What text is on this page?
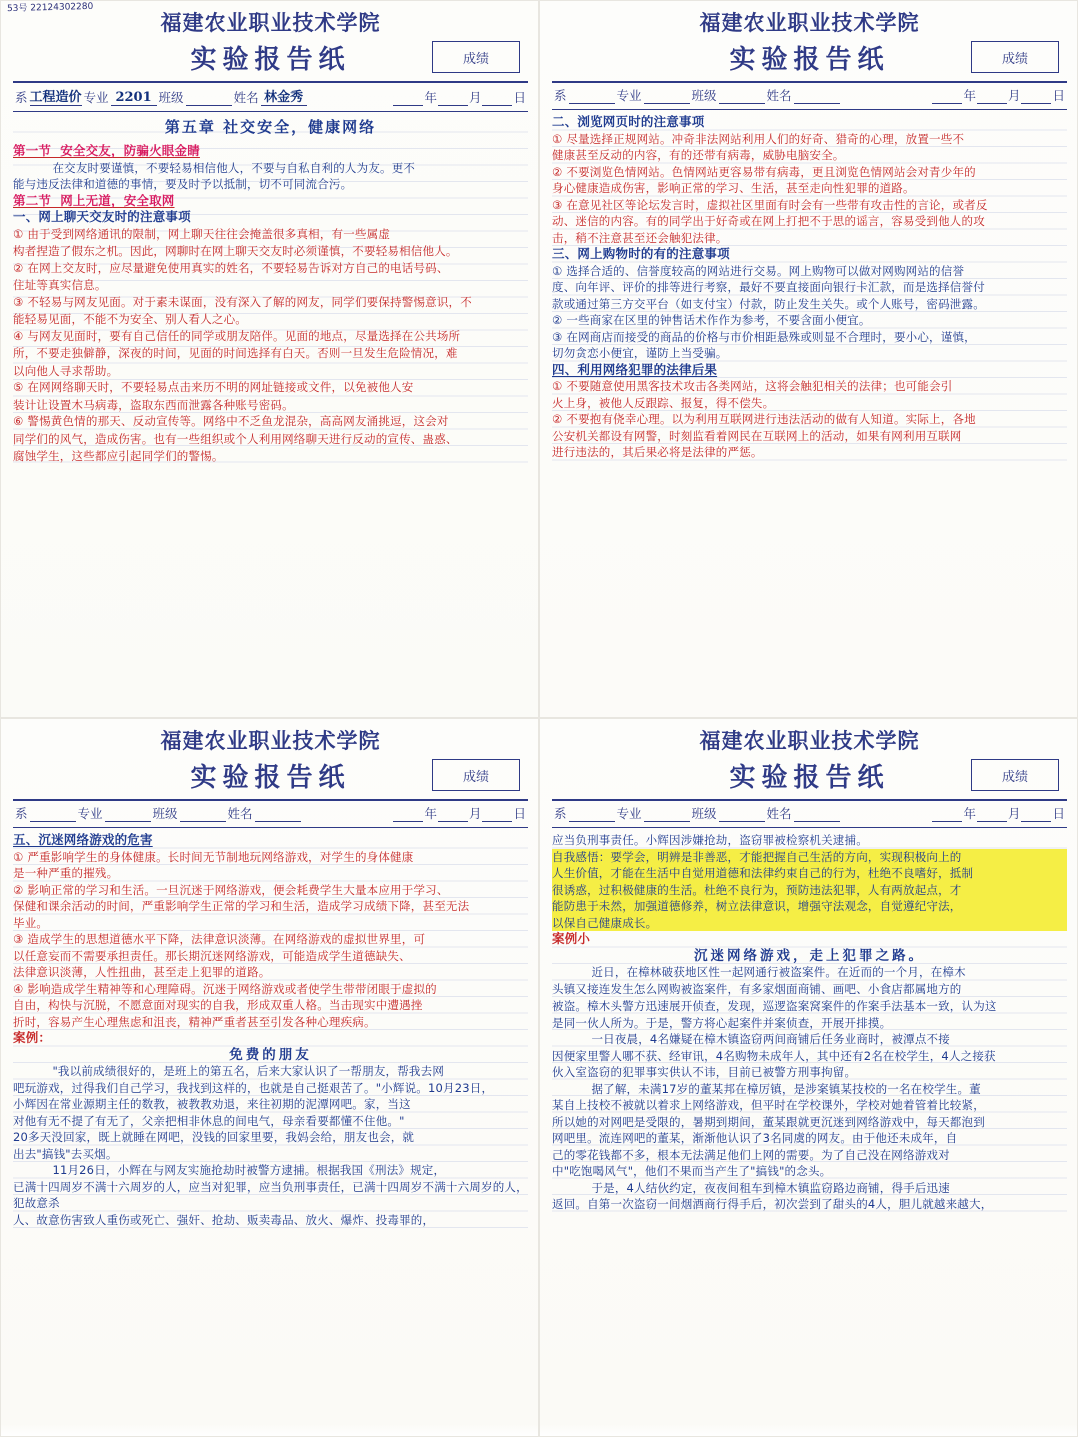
53号 22124302280
福建农业职业技术学院
实验报告纸	成绩
系 工程造价 专业 2201 班级	姓名 林金秀	年	月	日
第五章 社交安全，健康网络
第一节  安全交友，防骗火眼金睛
在交友时要谨慎，不要轻易相信他人，不要与自私自利的人为友。更不
能与违反法律和道德的事情，要及时予以抵制，切不可同流合污。
第二节  网上无道，安全取网
一、网上聊天交友时的注意事项
① 由于受到网络通讯的限制，网上聊天往往会掩盖很多真相，有一些属虚
构者捏造了假东之机。因此，网聊时在网上聊天交友时必须谨慎，不要轻易相信他人。
② 在网上交友时，应尽量避免使用真实的姓名，不要轻易告诉对方自己的电话号码、
住址等真实信息。
③ 不轻易与网友见面。对于素未谋面，没有深入了解的网友，同学们要保持警惕意识，不
能轻易见面，不能不为安全、别人看人之心。
④ 与网友见面时，要有自己信任的同学或朋友陪伴。见面的地点，尽量选择在公共场所
所，不要走独僻静，深夜的时间，见面的时间选择有白天。否则一旦发生危险情况，难
以向他人寻求帮助。
⑤ 在网网络聊天时，不要轻易点击来历不明的网址链接或文件，以免被他人安
装计让设置木马病毒，盗取东西而泄露各种账号密码。
⑥ 警惕黄色情的那天、反动宣传等。网络中不乏鱼龙混杂，高高网友涌挑逗，这会对
同学们的风气，造成伤害。也有一些组织或个人利用网络聊天进行反动的宣传、蛊惑、
腐蚀学生，这些都应引起同学们的警惕。
福建农业职业技术学院
实验报告纸	成绩
系	专业	班级	姓名	年	月	日
二、浏览网页时的注意事项
① 尽量选择正规网站。冲奇非法网站利用人们的好奇、猎奇的心理，放置一些不
健康甚至反动的内容，有的还带有病毒，威胁电脑安全。
② 不要浏览色情网站。色情网站更容易带有病毒，更且浏览色情网站会对青少年的
身心健康造成伤害，影响正常的学习、生活，甚至走向性犯罪的道路。
③ 在意见社区等论坛发言时，虚拟社区里面有时会有一些带有攻击性的言论，或者反
动、迷信的内容。有的同学出于好奇或在网上打把不于思的谣言，容易受到他人的攻
击，稍不注意甚至还会触犯法律。
三、网上购物时的有的注意事项
① 选择合适的、信誉度较高的网站进行交易。网上购物可以做对网购网站的信誉
度、向年评、评价的排等进行考察，最好不要直接面向银行卡汇款，而是选择信誉付
款或通过第三方交平台（如支付宝）付款，防止发生关失。或个人账号，密码泄露。
② 一些商家在区里的钟售话术作作为参考，不要含面小便宜。
③ 在网商店而接受的商品的价格与市价相距悬殊或则显不合理时，要小心，谨慎，
切勿贪恋小便宜，谨防上当受骗。
四、利用网络犯罪的法律后果
① 不要随意使用黑客技术攻击各类网站，这将会触犯相关的法律；也可能会引
火上身，被他人反跟踪、报复，得不偿失。
② 不要抱有侥幸心理。以为利用互联网进行违法活动的做有人知道。实际上，各地
公安机关都设有网警，时刻监看着网民在互联网上的活动，如果有网利用互联网
进行违法的，其后果必将是法律的严惩。
福建农业职业技术学院
实验报告纸	成绩
系	专业	班级	姓名	年	月	日
五、沉迷网络游戏的危害
① 严重影响学生的身体健康。长时间无节制地玩网络游戏，对学生的身体健康
是一种严重的摧残。
② 影响正常的学习和生活。一旦沉迷于网络游戏，便会耗费学生大量本应用于学习、
保健和课余活动的时间，严重影响学生正常的学习和生活，造成学习成绩下降，甚至无法
毕业。
③ 造成学生的思想道德水平下降，法律意识淡薄。在网络游戏的虚拟世界里，可
以任意妄而不需要承担责任。那长期沉迷网络游戏，可能造成学生道德缺失、
法律意识淡薄，人性扭曲，甚至走上犯罪的道路。
④ 影响造成学生精神等和心理障碍。沉迷于网络游戏或者使学生带带闭眼于虚拟的
自由，构快与沉脱，不愿意面对现实的自我，形成双重人格。当击现实中遭遇挫
折时，容易产生心理焦虑和沮丧，精神严重者甚至引发各种心理疾病。
案例：
免费的朋友
"我以前成绩很好的，是班上的第五名，后来大家认识了一帮朋友，帮我去网
吧玩游戏，过得我们自己学习，我找到这样的，也就是自己挺艰苦了。"小辉说。10月23日，
小辉因在常业源期主任的数教，被教教劝退，来往初期的泥潭网吧。家，当这
对他有无不提了有无了，父亲把相非休息的间电气，母亲看要都懂不住他。"
20多天没回家，既上就睡在网吧，没钱的回家里要，我妈会给，朋友也会，就
出去"搞钱"去买烟。
11月26日，小辉在与网友实施抢劫时被警方逮捕。根据我国《刑法》规定，
已满十四周岁不满十六周岁的人，应当对犯罪，应当负刑事责任，已满十四周岁不满十六周岁的人，犯故意杀
人、故意伤害致人重伤或死亡、强奸、抢劫、贩卖毒品、放火、爆炸、投毒罪的，
福建农业职业技术学院
实验报告纸	成绩
系	专业	班级	姓名	年	月	日
应当负刑事责任。小辉因涉嫌抢劫，盗窃罪被检察机关逮捕。
自我感悟：要学会，明辨是非善恶，才能把握自己生活的方向，实现积极向上的
人生价值，才能在生活中自觉用道德和法律约束自己的行为，杜绝不良嗜好，抵制
很诱惑，过积极健康的生活。杜绝不良行为，预防违法犯罪，人有两放起点，才
能防患于未然，加强道德修养，树立法律意识，增强守法观念，自觉遵纪守法，
以保自己健康成长。
案例小
沉迷网络游戏，走上犯罪之路。
近日，在樟林破获地区性一起网通行被盗案件。在近而的一个月，在樟木
头镇又接连发生怎么网购被盗案件，有多家烟面商铺、画吧、小食店都属地方的
被盗。樟木头警方迅速展开侦查，发现，巡逻盗案窝案件的作案手法基本一致，认为这
是同一伙人所为。于是，警方将心起案件并案侦查，开展开排摸。
一日夜晨，4名嫌疑在樟木镇盗窃两间商铺后任务业商时，被潭点不接
因便家里警人哪不获、经审讯，4名购物未成年人，其中还有2名在校学生，4人之接获
伙入室盗窃的犯罪事实供认不讳，目前已被警方刑事拘留。
据了解，未满17岁的董某邦在樟厉镇，是涉案镇某技校的一名在校学生。董
某自上技校不被就以着求上网络游戏，但平时在学校课外，学校对她着管着比较紧，
所以她的对网吧是受限的，暑期到期间，董某跟就更沉迷到网络游戏中，每天都泡到
网吧里。流连网吧的董某，渐渐他认识了3名同虞的网友。由于他还未成年，自
己的零花钱都不多，根本无法满足他们上网的需要。为了自己没在网络游戏对
中"吃饱喝风气"，他们不果而当产生了"搞钱"的念头。
于是，4人结伙约定，夜夜间租车到樟木镇监窃路边商铺，得手后迅速
返回。自第一次盗窃一间烟酒商行得手后，初次尝到了甜头的4人，胆儿就越来越大，
